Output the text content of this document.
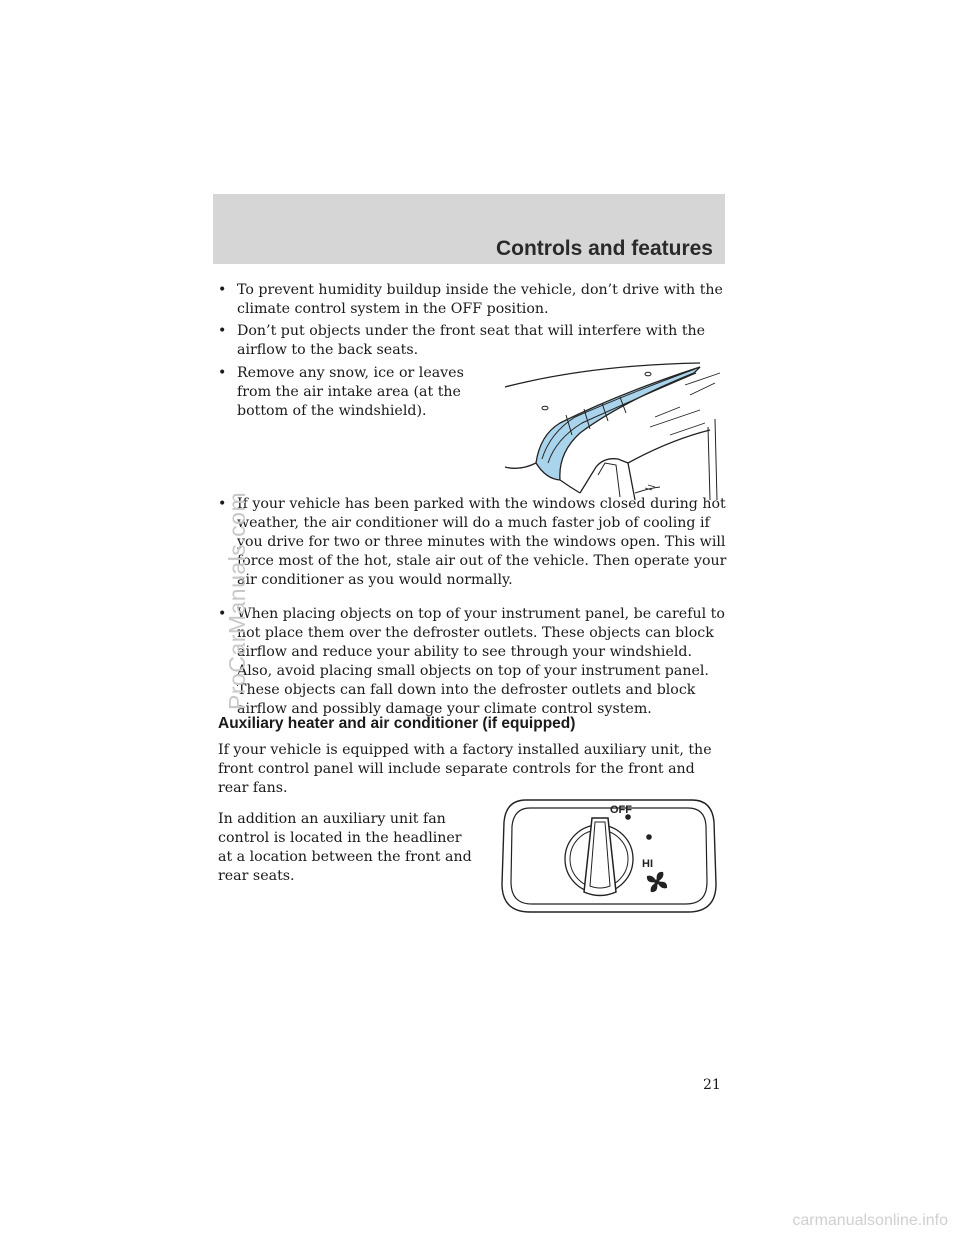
Controls and features
• To prevent humidity buildup inside the vehicle, don’t drive with the climate control system in the OFF position.
• Don’t put objects under the front seat that will interfere with the airflow to the back seats.
• Remove any snow, ice or leaves from the air intake area (at the bottom of the windshield).
• If your vehicle has been parked with the windows closed during hot weather, the air conditioner will do a much faster job of cooling if you drive for two or three minutes with the windows open. This will force most of the hot, stale air out of the vehicle. Then operate your air conditioner as you would normally.
• When placing objects on top of your instrument panel, be careful to not place them over the defroster outlets. These objects can block airflow and reduce your ability to see through your windshield. Also, avoid placing small objects on top of your instrument panel. These objects can fall down into the defroster outlets and block airflow and possibly damage your climate control system.
Auxiliary heater and air conditioner (if equipped)
If your vehicle is equipped with a factory installed auxiliary unit, the front control panel will include separate controls for the front and rear fans.
In addition an auxiliary unit fan control is located in the headliner at a location between the front and rear seats.
OFF
HI
21
ProCarManuals.com
carmanualsonline.info
